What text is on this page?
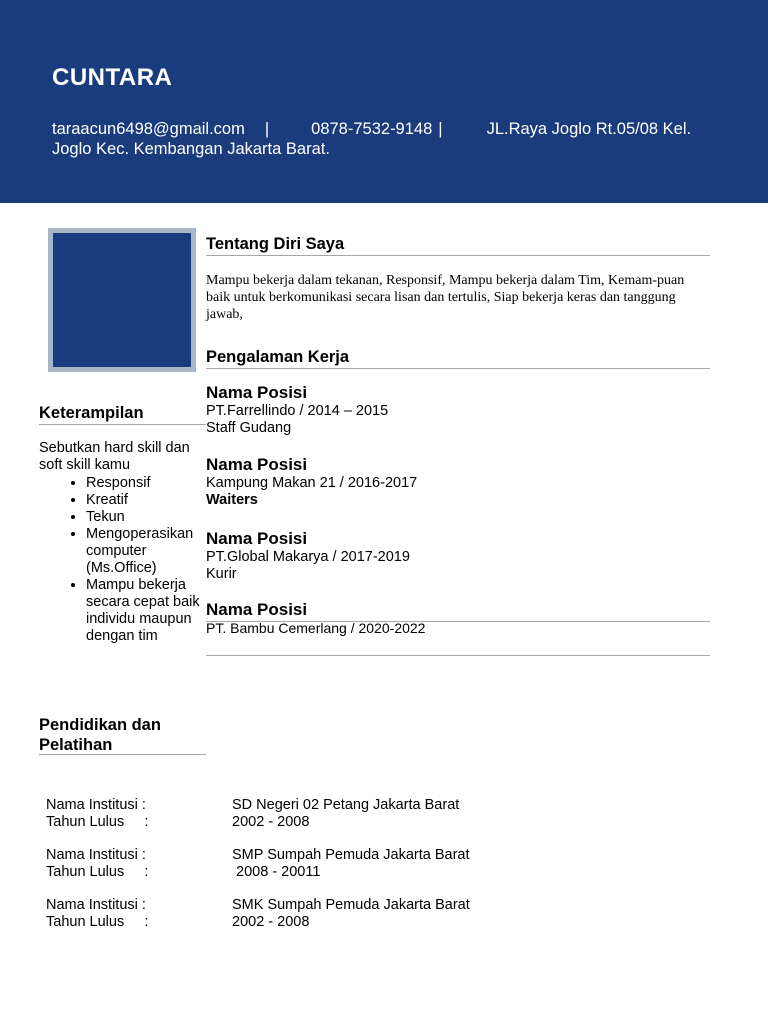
CUNTARA
taraacun6498@gmail.com |	0878-7532-9148 |	JL.Raya Joglo Rt.05/08 Kel. Joglo Kec. Kembangan Jakarta Barat.
Tentang Diri Saya
Mampu bekerja dalam tekanan, Responsif, Mampu bekerja dalam Tim, Kemam-puan baik untuk berkomunikasi secara lisan dan tertulis, Siap bekerja keras dan tanggung jawab,
Pengalaman Kerja
Nama Posisi
PT.Farrellindo / 2014 – 2015
Staff Gudang
Nama Posisi
Kampung Makan 21 / 2016-2017
Waiters
Nama Posisi
PT.Global Makarya / 2017-2019
Kurir
Nama Posisi
PT. Bambu Cemerlang / 2020-2022
Keterampilan
Sebutkan hard skill dan soft skill kamu
• Responsif
• Kreatif
• Tekun
• Mengoperasikan computer (Ms.Office)
• Mampu bekerja secara cepat baik individu maupun dengan tim
Pendidikan dan Pelatihan
Nama Institusi :	SD Negeri 02 Petang Jakarta Barat
Tahun Lulus     :	2002 - 2008
Nama Institusi :	SMP Sumpah Pemuda Jakarta Barat
Tahun Lulus     :	2008 - 20011
Nama Institusi :	SMK Sumpah Pemuda Jakarta Barat
Tahun Lulus     :	2002 - 2008
